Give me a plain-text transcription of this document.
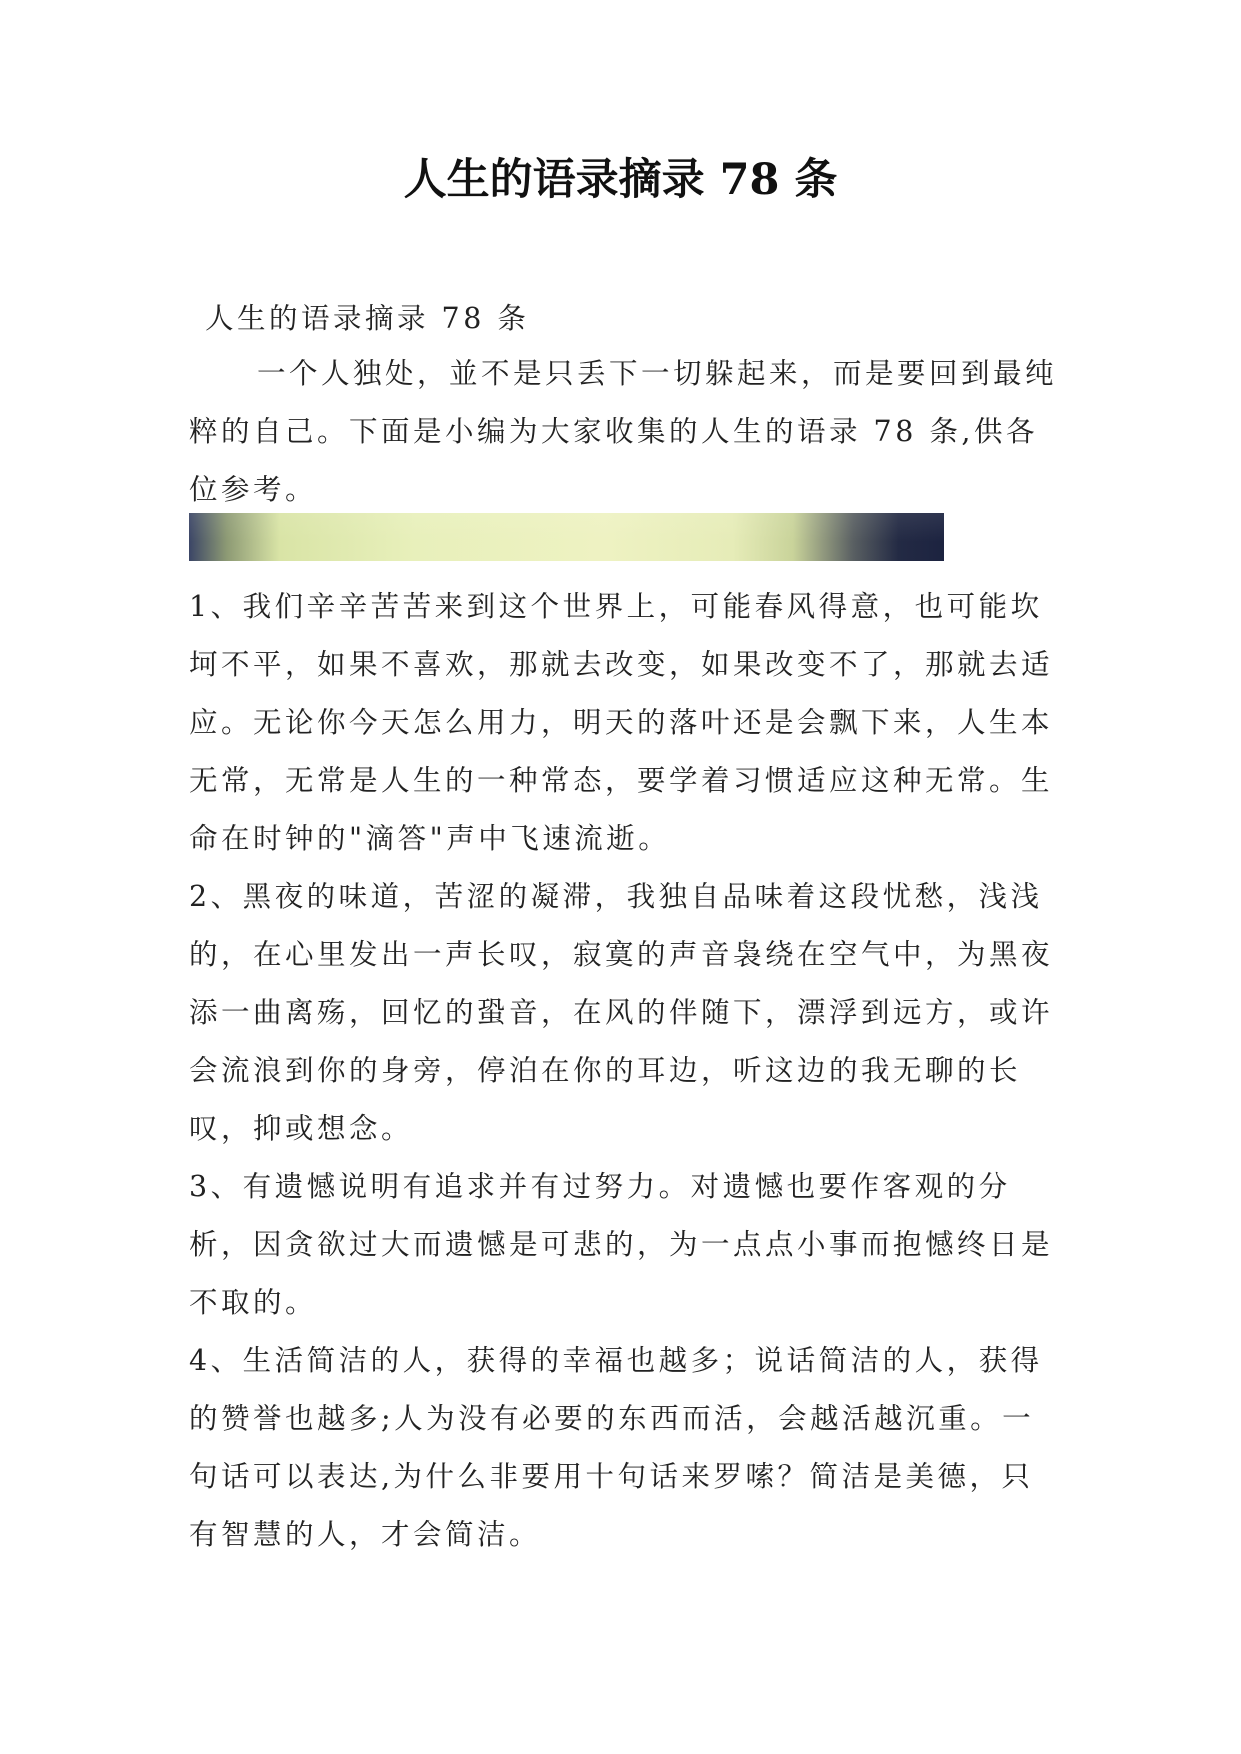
人生的语录摘录 78 条
人生的语录摘录 78 条
一个人独处，並不是只丢下一切躲起来，而是要回到最纯粹的自己。下面是小编为大家收集的人生的语录 78 条,供各位参考。

1、我们辛辛苦苦来到这个世界上，可能春风得意，也可能坎坷不平，如果不喜欢，那就去改变，如果改变不了，那就去适应。无论你今天怎么用力，明天的落叶还是会飘下来，人生本无常，无常是人生的一种常态，要学着习惯适应这种无常。生命在时钟的"滴答"声中飞速流逝。

2、黑夜的味道，苦涩的凝滞，我独自品味着这段忧愁，浅浅的，在心里发出一声长叹，寂寞的声音袅绕在空气中，为黑夜添一曲离殇，回忆的蛩音，在风的伴随下，漂浮到远方，或许会流浪到你的身旁，停泊在你的耳边，听这边的我无聊的长叹，抑或想念。

3、有遗憾说明有追求并有过努力。对遗憾也要作客观的分析，因贪欲过大而遗憾是可悲的，为一点点小事而抱憾终日是不取的。

4、生活简洁的人，获得的幸福也越多；说话简洁的人，获得的赞誉也越多;人为没有必要的东西而活，会越活越沉重。一句话可以表达,为什么非要用十句话来罗嗦？简洁是美德，只有智慧的人，才会简洁。
